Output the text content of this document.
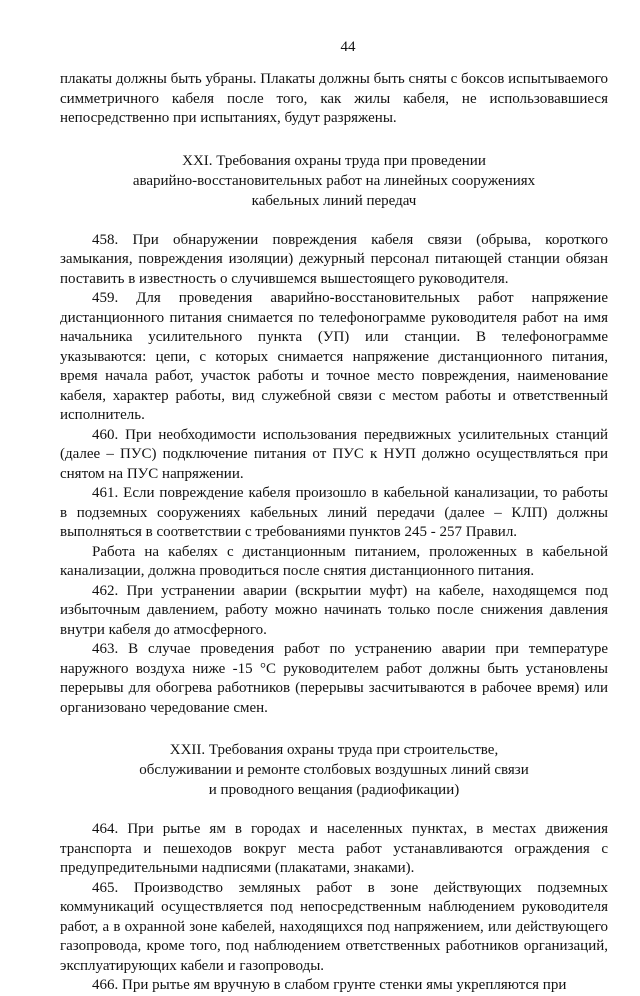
44

плакаты должны быть убраны. Плакаты должны быть сняты с боксов испытываемого симметричного кабеля после того, как жилы кабеля, не использовавшиеся непосредственно при испытаниях, будут разряжены.

XXI. Требования охраны труда при проведении
аварийно-восстановительных работ на линейных сооружениях
кабельных линий передач

458. При обнаружении повреждения кабеля связи (обрыва, короткого замыкания, повреждения изоляции) дежурный персонал питающей станции обязан поставить в известность о случившемся вышестоящего руководителя.

459. Для проведения аварийно-восстановительных работ напряжение дистанционного питания снимается по телефонограмме руководителя работ на имя начальника усилительного пункта (УП) или станции. В телефонограмме указываются: цепи, с которых снимается напряжение дистанционного питания, время начала работ, участок работы и точное место повреждения, наименование кабеля, характер работы, вид служебной связи с местом работы и ответственный исполнитель.

460. При необходимости использования передвижных усилительных станций (далее – ПУС) подключение питания от ПУС к НУП должно осуществляться при снятом на ПУС напряжении.

461. Если повреждение кабеля произошло в кабельной канализации, то работы в подземных сооружениях кабельных линий передачи (далее – КЛП) должны выполняться в соответствии с требованиями пунктов 245 - 257 Правил.

Работа на кабелях с дистанционным питанием, проложенных в кабельной канализации, должна проводиться после снятия дистанционного питания.

462. При устранении аварии (вскрытии муфт) на кабеле, находящемся под избыточным давлением, работу можно начинать только после снижения давления внутри кабеля до атмосферного.

463. В случае проведения работ по устранению аварии при температуре наружного воздуха ниже -15 °С руководителем работ должны быть установлены перерывы для обогрева работников (перерывы засчитываются в рабочее время) или организовано чередование смен.

XXII. Требования охраны труда при строительстве,
обслуживании и ремонте столбовых воздушных линий связи
и проводного вещания (радиофикации)

464. При рытье ям в городах и населенных пунктах, в местах движения транспорта и пешеходов вокруг места работ устанавливаются ограждения с предупредительными надписями (плакатами, знаками).

465. Производство земляных работ в зоне действующих подземных коммуникаций осуществляется под непосредственным наблюдением руководителя работ, а в охранной зоне кабелей, находящихся под напряжением, или действующего газопровода, кроме того, под наблюдением ответственных работников организаций, эксплуатирующих кабели и газопроводы.

466. При рытье ям вручную в слабом грунте стенки ямы укрепляются при
